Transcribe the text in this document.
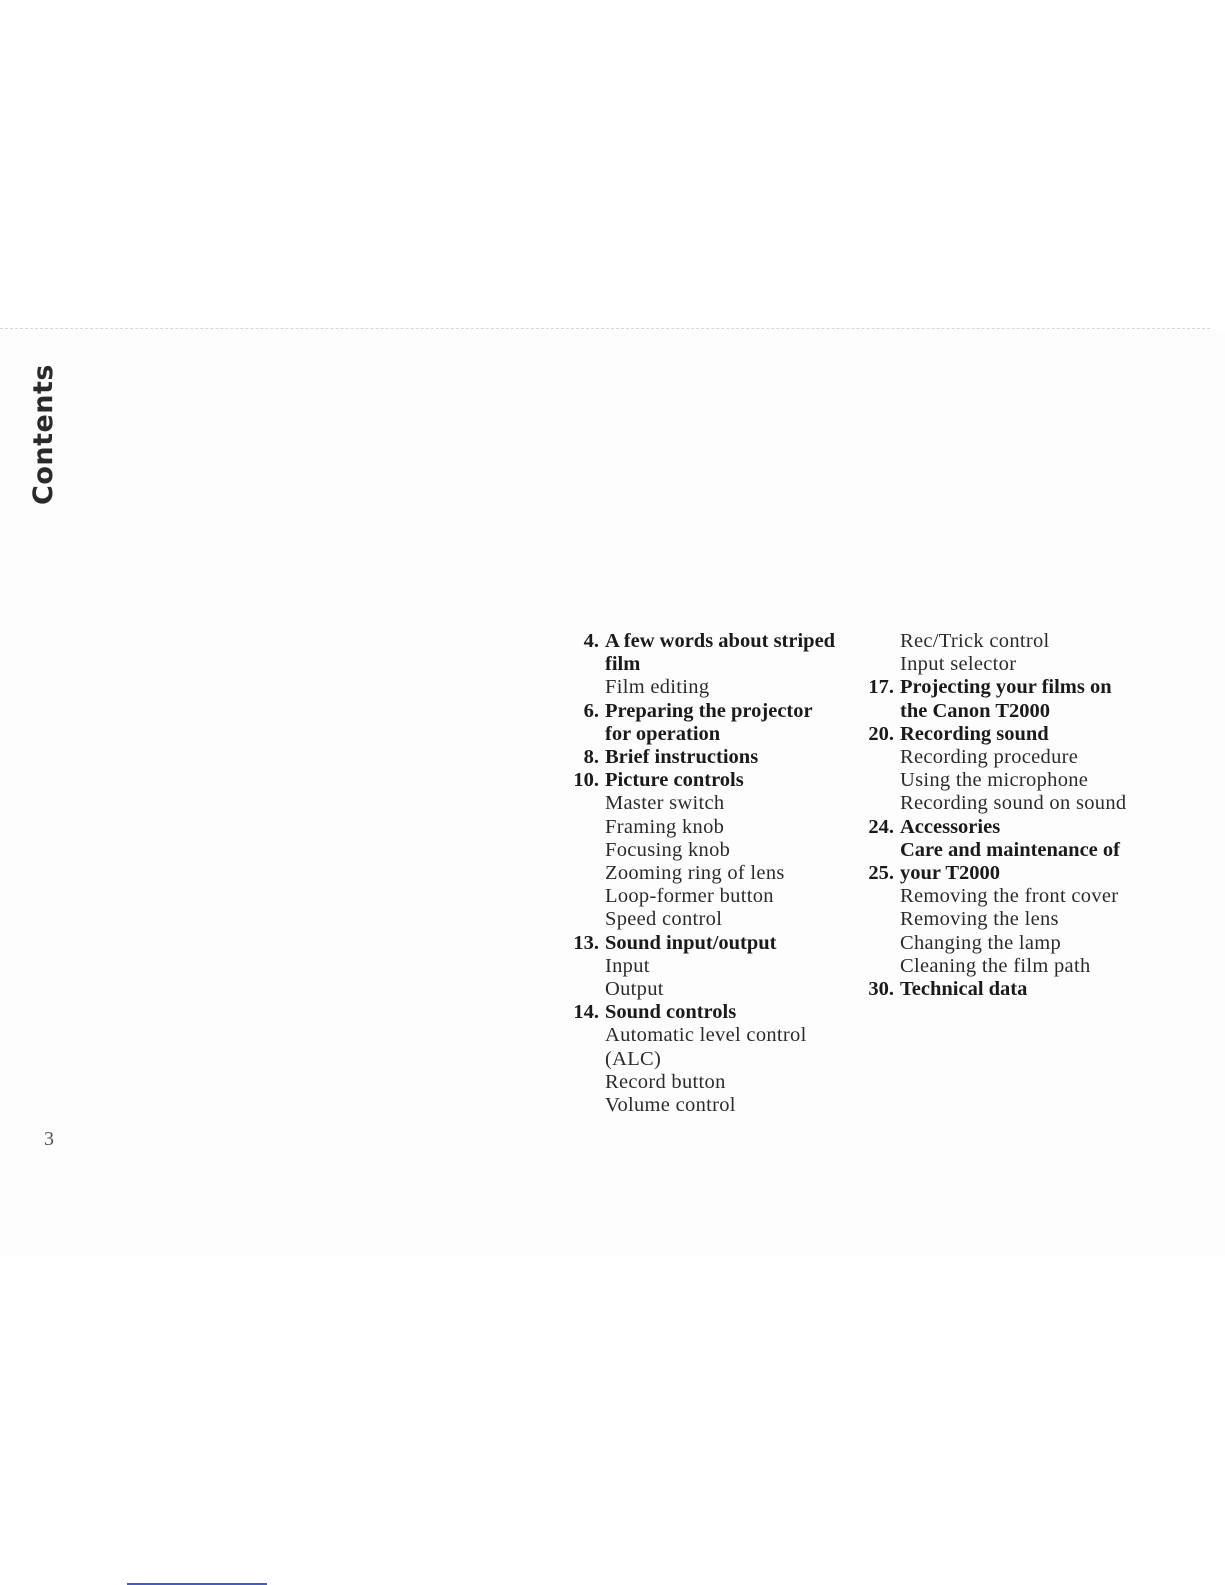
Contents
4. A few words about striped
film
Film editing
6. Preparing the projector
for operation
8. Brief instructions
10. Picture controls
Master switch
Framing knob
Focusing knob
Zooming ring of lens
Loop-former button
Speed control
13. Sound input/output
Input
Output
14. Sound controls
Automatic level control
(ALC)
Record button
Volume control
Rec/Trick control
Input selector
17. Projecting your films on
the Canon T2000
20. Recording sound
Recording procedure
Using the microphone
Recording sound on sound
24. Accessories
Care and maintenance of
25. your T2000
Removing the front cover
Removing the lens
Changing the lamp
Cleaning the film path
30. Technical data
3
